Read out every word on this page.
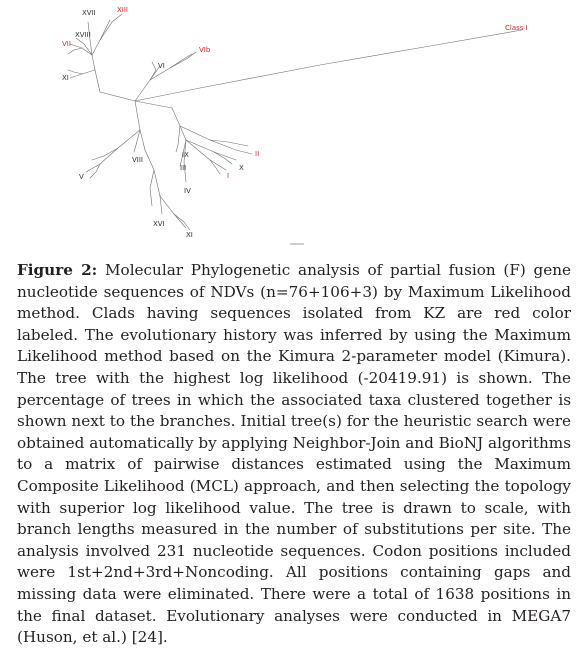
XVII	XIII
XVIII
VII
XI
VI
VIb
Class I
VIII
V
IX
III
II
I
X
IV
XVI
XI

Figure 2: Molecular Phylogenetic analysis of partial fusion (F) gene nucleotide sequences of NDVs (n=76+106+3) by Maximum Likelihood method. Clads having sequences isolated from KZ are red color labeled. The evolutionary history was inferred by using the Maximum Likelihood method based on the Kimura 2-parameter model (Kimura). The tree with the highest log likelihood (-20419.91) is shown. The percentage of trees in which the associated taxa clustered together is shown next to the branches. Initial tree(s) for the heuristic search were obtained automatically by applying Neighbor-Join and BioNJ algorithms to a matrix of pairwise distances estimated using the Maximum Composite Likelihood (MCL) approach, and then selecting the topology with superior log likelihood value. The tree is drawn to scale, with branch lengths measured in the number of substitutions per site. The analysis involved 231 nucleotide sequences. Codon positions included were 1st+2nd+3rd+Noncoding. All positions containing gaps and missing data were eliminated. There were a total of 1638 positions in the final dataset. Evolutionary analyses were conducted in MEGA7 (Huson, et al.) [24].
